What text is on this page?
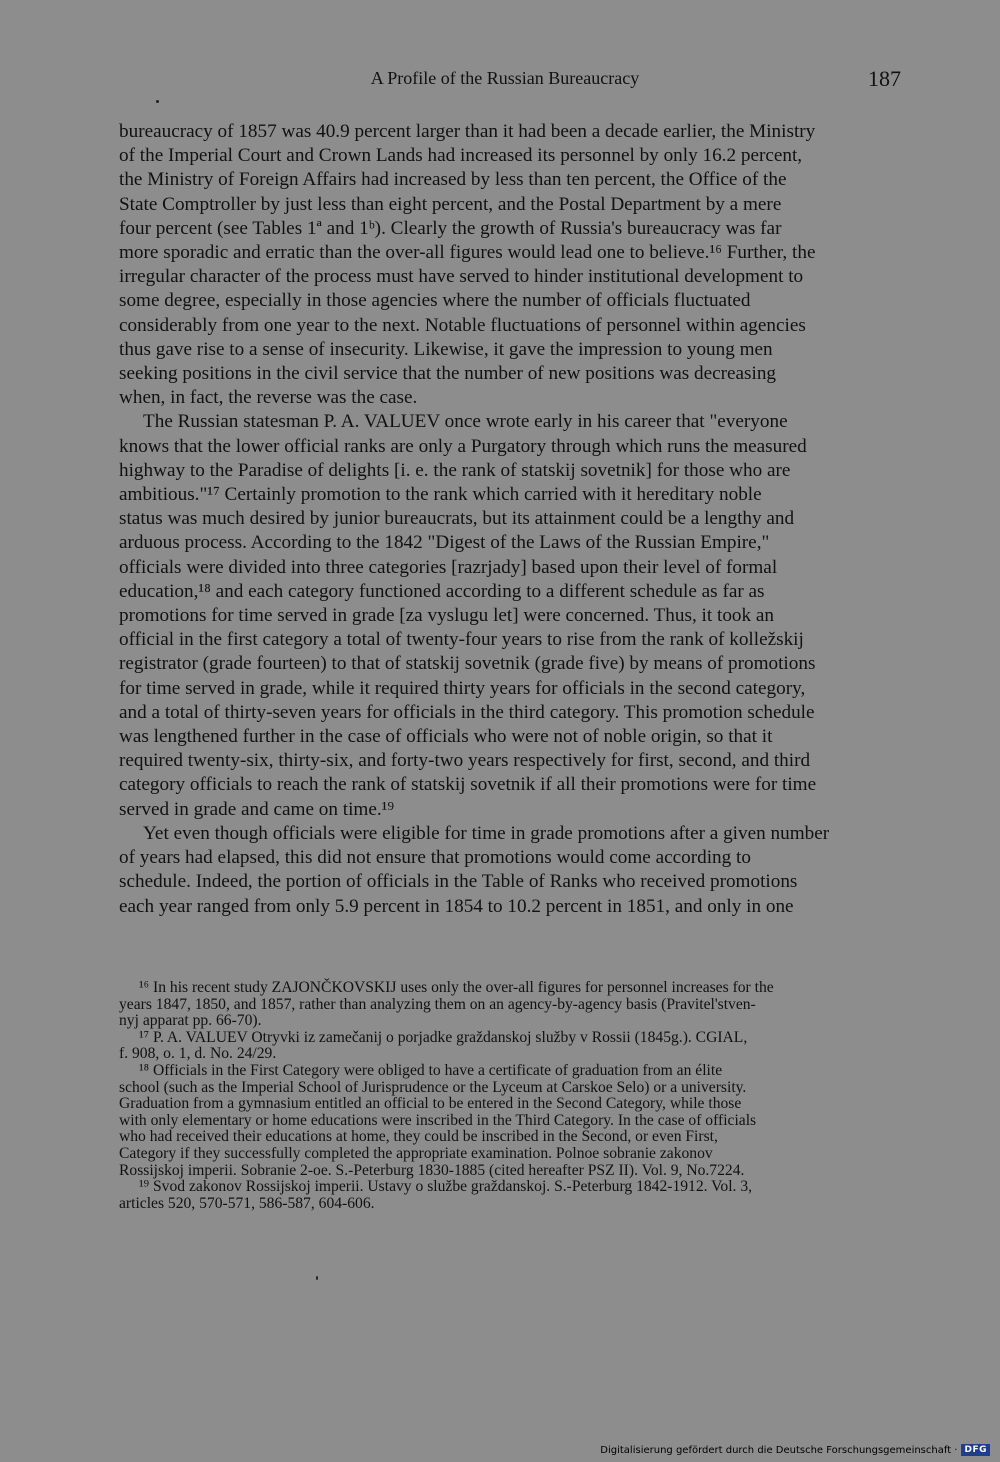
A Profile of the Russian Bureaucracy	187

bureaucracy of 1857 was 40.9 percent larger than it had been a decade earlier, the Ministry
of the Imperial Court and Crown Lands had increased its personnel by only 16.2 percent,
the Ministry of Foreign Affairs had increased by less than ten percent, the Office of the
State Comptroller by just less than eight percent, and the Postal Department by a mere
four percent (see Tables 1ª and 1ᵇ). Clearly the growth of Russia's bureaucracy was far
more sporadic and erratic than the over-all figures would lead one to believe.¹⁶ Further, the
irregular character of the process must have served to hinder institutional development to
some degree, especially in those agencies where the number of officials fluctuated
considerably from one year to the next. Notable fluctuations of personnel within agencies
thus gave rise to a sense of insecurity. Likewise, it gave the impression to young men
seeking positions in the civil service that the number of new positions was decreasing
when, in fact, the reverse was the case.

The Russian statesman P. A. VALUEV once wrote early in his career that "everyone
knows that the lower official ranks are only a Purgatory through which runs the measured
highway to the Paradise of delights [i. e. the rank of statskij sovetnik] for those who are
ambitious."¹⁷ Certainly promotion to the rank which carried with it hereditary noble
status was much desired by junior bureaucrats, but its attainment could be a lengthy and
arduous process. According to the 1842 "Digest of the Laws of the Russian Empire,"
officials were divided into three categories [razrjady] based upon their level of formal
education,¹⁸ and each category functioned according to a different schedule as far as
promotions for time served in grade [za vyslugu let] were concerned. Thus, it took an
official in the first category a total of twenty-four years to rise from the rank of kolležskij
registrator (grade fourteen) to that of statskij sovetnik (grade five) by means of promotions
for time served in grade, while it required thirty years for officials in the second category,
and a total of thirty-seven years for officials in the third category. This promotion schedule
was lengthened further in the case of officials who were not of noble origin, so that it
required twenty-six, thirty-six, and forty-two years respectively for first, second, and third
category officials to reach the rank of statskij sovetnik if all their promotions were for time
served in grade and came on time.¹⁹

Yet even though officials were eligible for time in grade promotions after a given number
of years had elapsed, this did not ensure that promotions would come according to
schedule. Indeed, the portion of officials in the Table of Ranks who received promotions
each year ranged from only 5.9 percent in 1854 to 10.2 percent in 1851, and only in one

¹⁶ In his recent study ZAJONČKOVSKIJ uses only the over-all figures for personnel increases for the
years 1847, 1850, and 1857, rather than analyzing them on an agency-by-agency basis (Pravitel'stven-
nyj apparat pp. 66-70).

¹⁷ P. A. VALUEV Otryvki iz zamečanij o porjadke graždanskoj služby v Rossii (1845g.). CGIAL,
f. 908, o. 1, d. No. 24/29.

¹⁸ Officials in the First Category were obliged to have a certificate of graduation from an élite
school (such as the Imperial School of Jurisprudence or the Lyceum at Carskoe Selo) or a university.
Graduation from a gymnasium entitled an official to be entered in the Second Category, while those
with only elementary or home educations were inscribed in the Third Category. In the case of officials
who had received their educations at home, they could be inscribed in the Second, or even First,
Category if they successfully completed the appropriate examination. Polnoe sobranie zakonov
Rossijskoj imperii. Sobranie 2-oe. S.-Peterburg 1830-1885 (cited hereafter PSZ II). Vol. 9, No.7224.

¹⁹ Svod zakonov Rossijskoj imperii. Ustavy o službe graždanskoj. S.-Peterburg 1842-1912. Vol. 3,
articles 520, 570-571, 586-587, 604-606.

Digitalisierung gefördert durch die Deutsche Forschungsgemeinschaft · DFG
